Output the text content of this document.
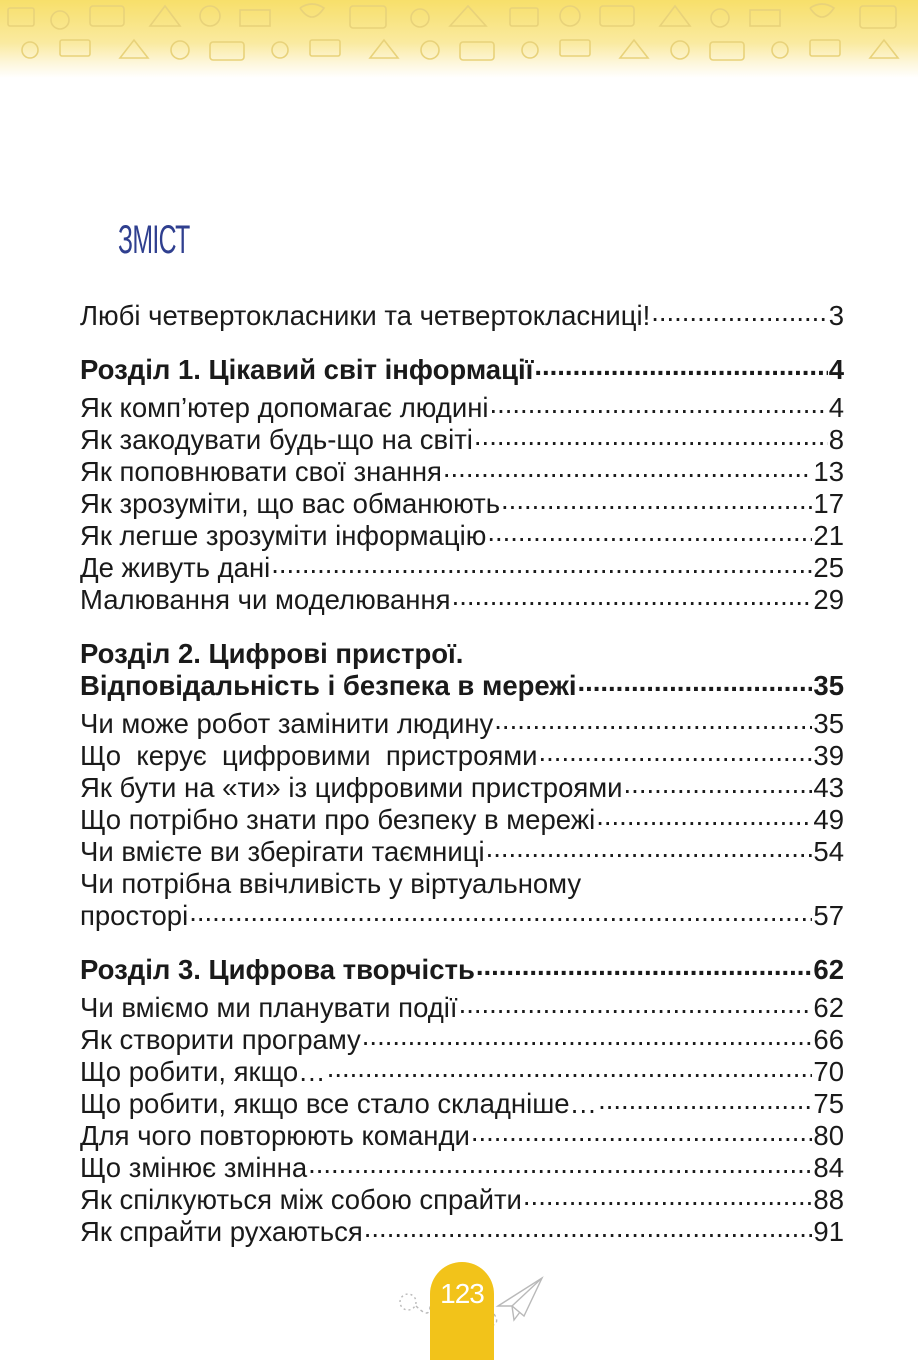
ЗМІСТ
Любі четвертокласники та четвертокласниці! .....	3
Розділ 1. Цікавий світ інформації .....	4
Як комп’ютер допомагає людині .....	4
Як закодувати будь-що на світі .....	8
Як поповнювати свої знання .....	13
Як зрозуміти, що вас обманюють .....	17
Як легше зрозуміти інформацію .....	21
Де живуть дані .....	25
Малювання чи моделювання .....	29
Розділ 2. Цифрові пристрої.
Відповідальність і безпека в мережі .....	35
Чи може робот замінити людину .....	35
Що  керує  цифровими  пристроями .....	39
Як бути на «ти» із цифровими пристроями .....	43
Що потрібно знати про безпеку в мережі .....	49
Чи вмієте ви зберігати таємниці .....	54
Чи потрібна ввічливість у віртуальному
просторі .....	57
Розділ 3. Цифрова творчість .....	62
Чи вміємо ми планувати події .....	62
Як створити програму .....	66
Що робити, якщо… .....	70
Що робити, якщо все стало складніше… .....	75
Для чого повторюють команди .....	80
Що змінює змінна .....	84
Як спілкуються між собою спрайти .....	88
Як спрайти рухаються .....	91
123
